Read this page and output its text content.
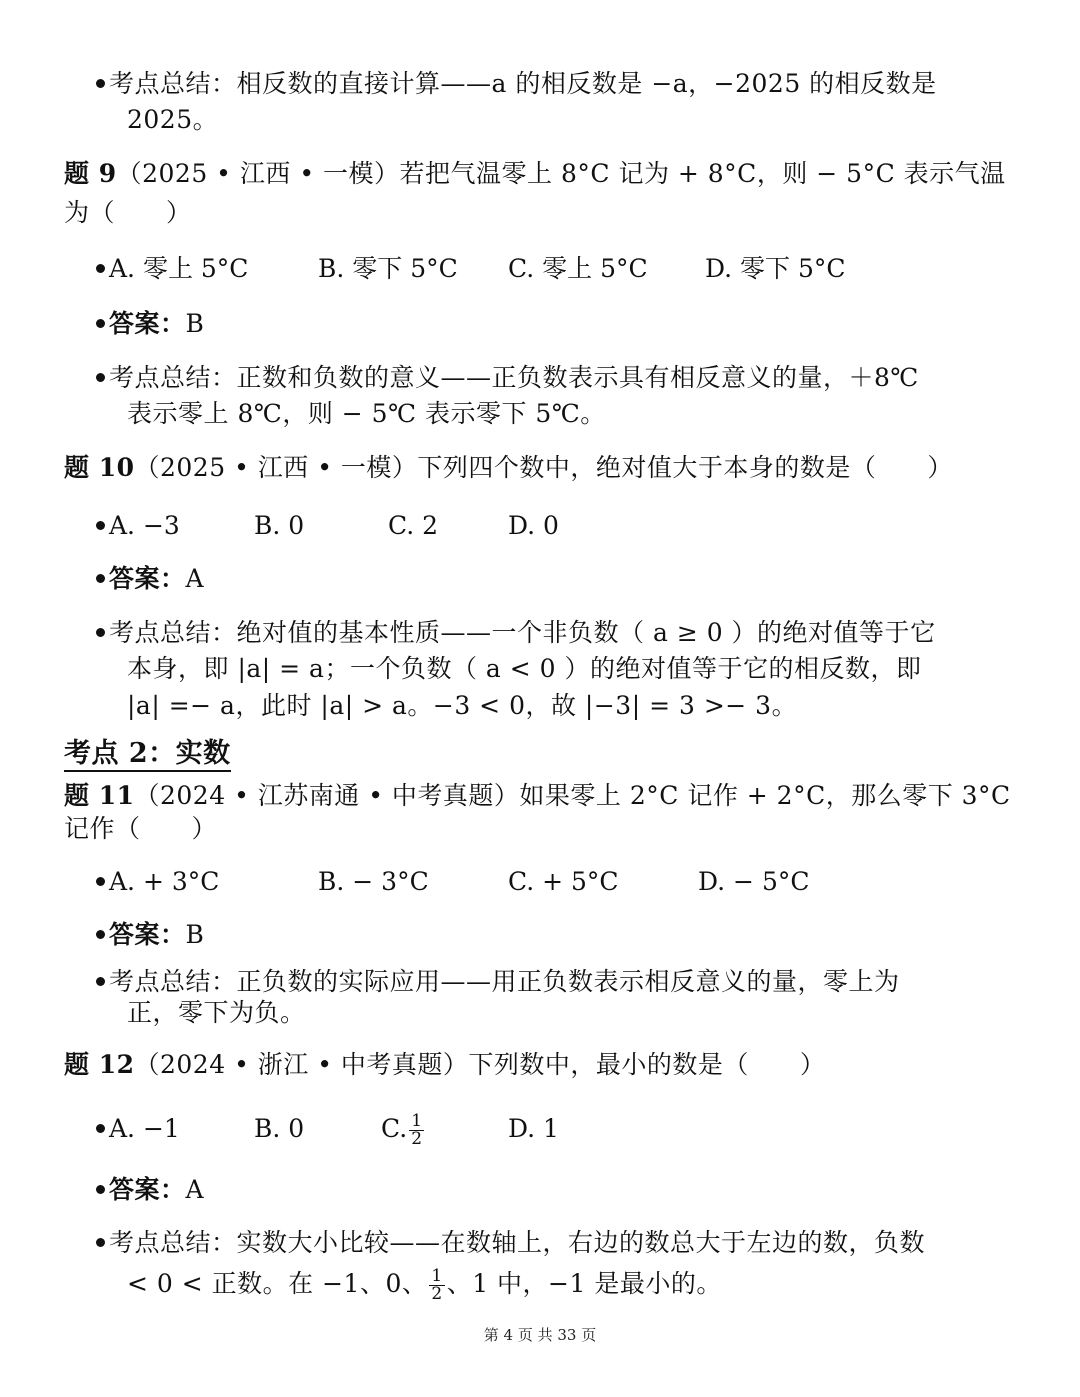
考点总结：相反数的直接计算——a 的相反数是 −a，−2025 的相反数是
2025。
题 9（2025 • 江西 • 一模）若把气温零上 8°C 记为 + 8°C，则 − 5°C 表示气温
为（　　）
A. 零上 5°C	B. 零下 5°C C. 零上 5°C D. 零下 5°C
答案：B
考点总结：正数和负数的意义——正负数表示具有相反意义的量，＋8℃
表示零上 8℃，则 − 5℃ 表示零下 5℃。
题 10（2025 • 江西 • 一模）下列四个数中，绝对值大于本身的数是（　　）
A. −3	B. 0	C. 2	D. 0
答案：A
考点总结：绝对值的基本性质——一个非负数（ a ≥ 0 ）的绝对值等于它
本身，即 |a| = a；一个负数（ a < 0 ）的绝对值等于它的相反数，即
|a| =− a，此时 |a| > a。−3 < 0，故 |−3| = 3 >− 3。
考点 2：实数
题 11（2024 • 江苏南通 • 中考真题）如果零上 2°C 记作 + 2°C，那么零下 3°C
记作（　　）
A. + 3°C	B. − 3°C	C. + 5°C	D. − 5°C
答案：B
考点总结：正负数的实际应用——用正负数表示相反意义的量，零上为
正，零下为负。
题 12（2024 • 浙江 • 中考真题）下列数中，最小的数是（　　）
A. −1	B. 0	C. $\frac{1}{2}$	D. 1
答案：A
考点总结：实数大小比较——在数轴上，右边的数总大于左边的数，负数
< 0 < 正数。在 −1、0、 $\frac{1}{2}$ 、1 中，−1 是最小的。
第 4 页 共 33 页
